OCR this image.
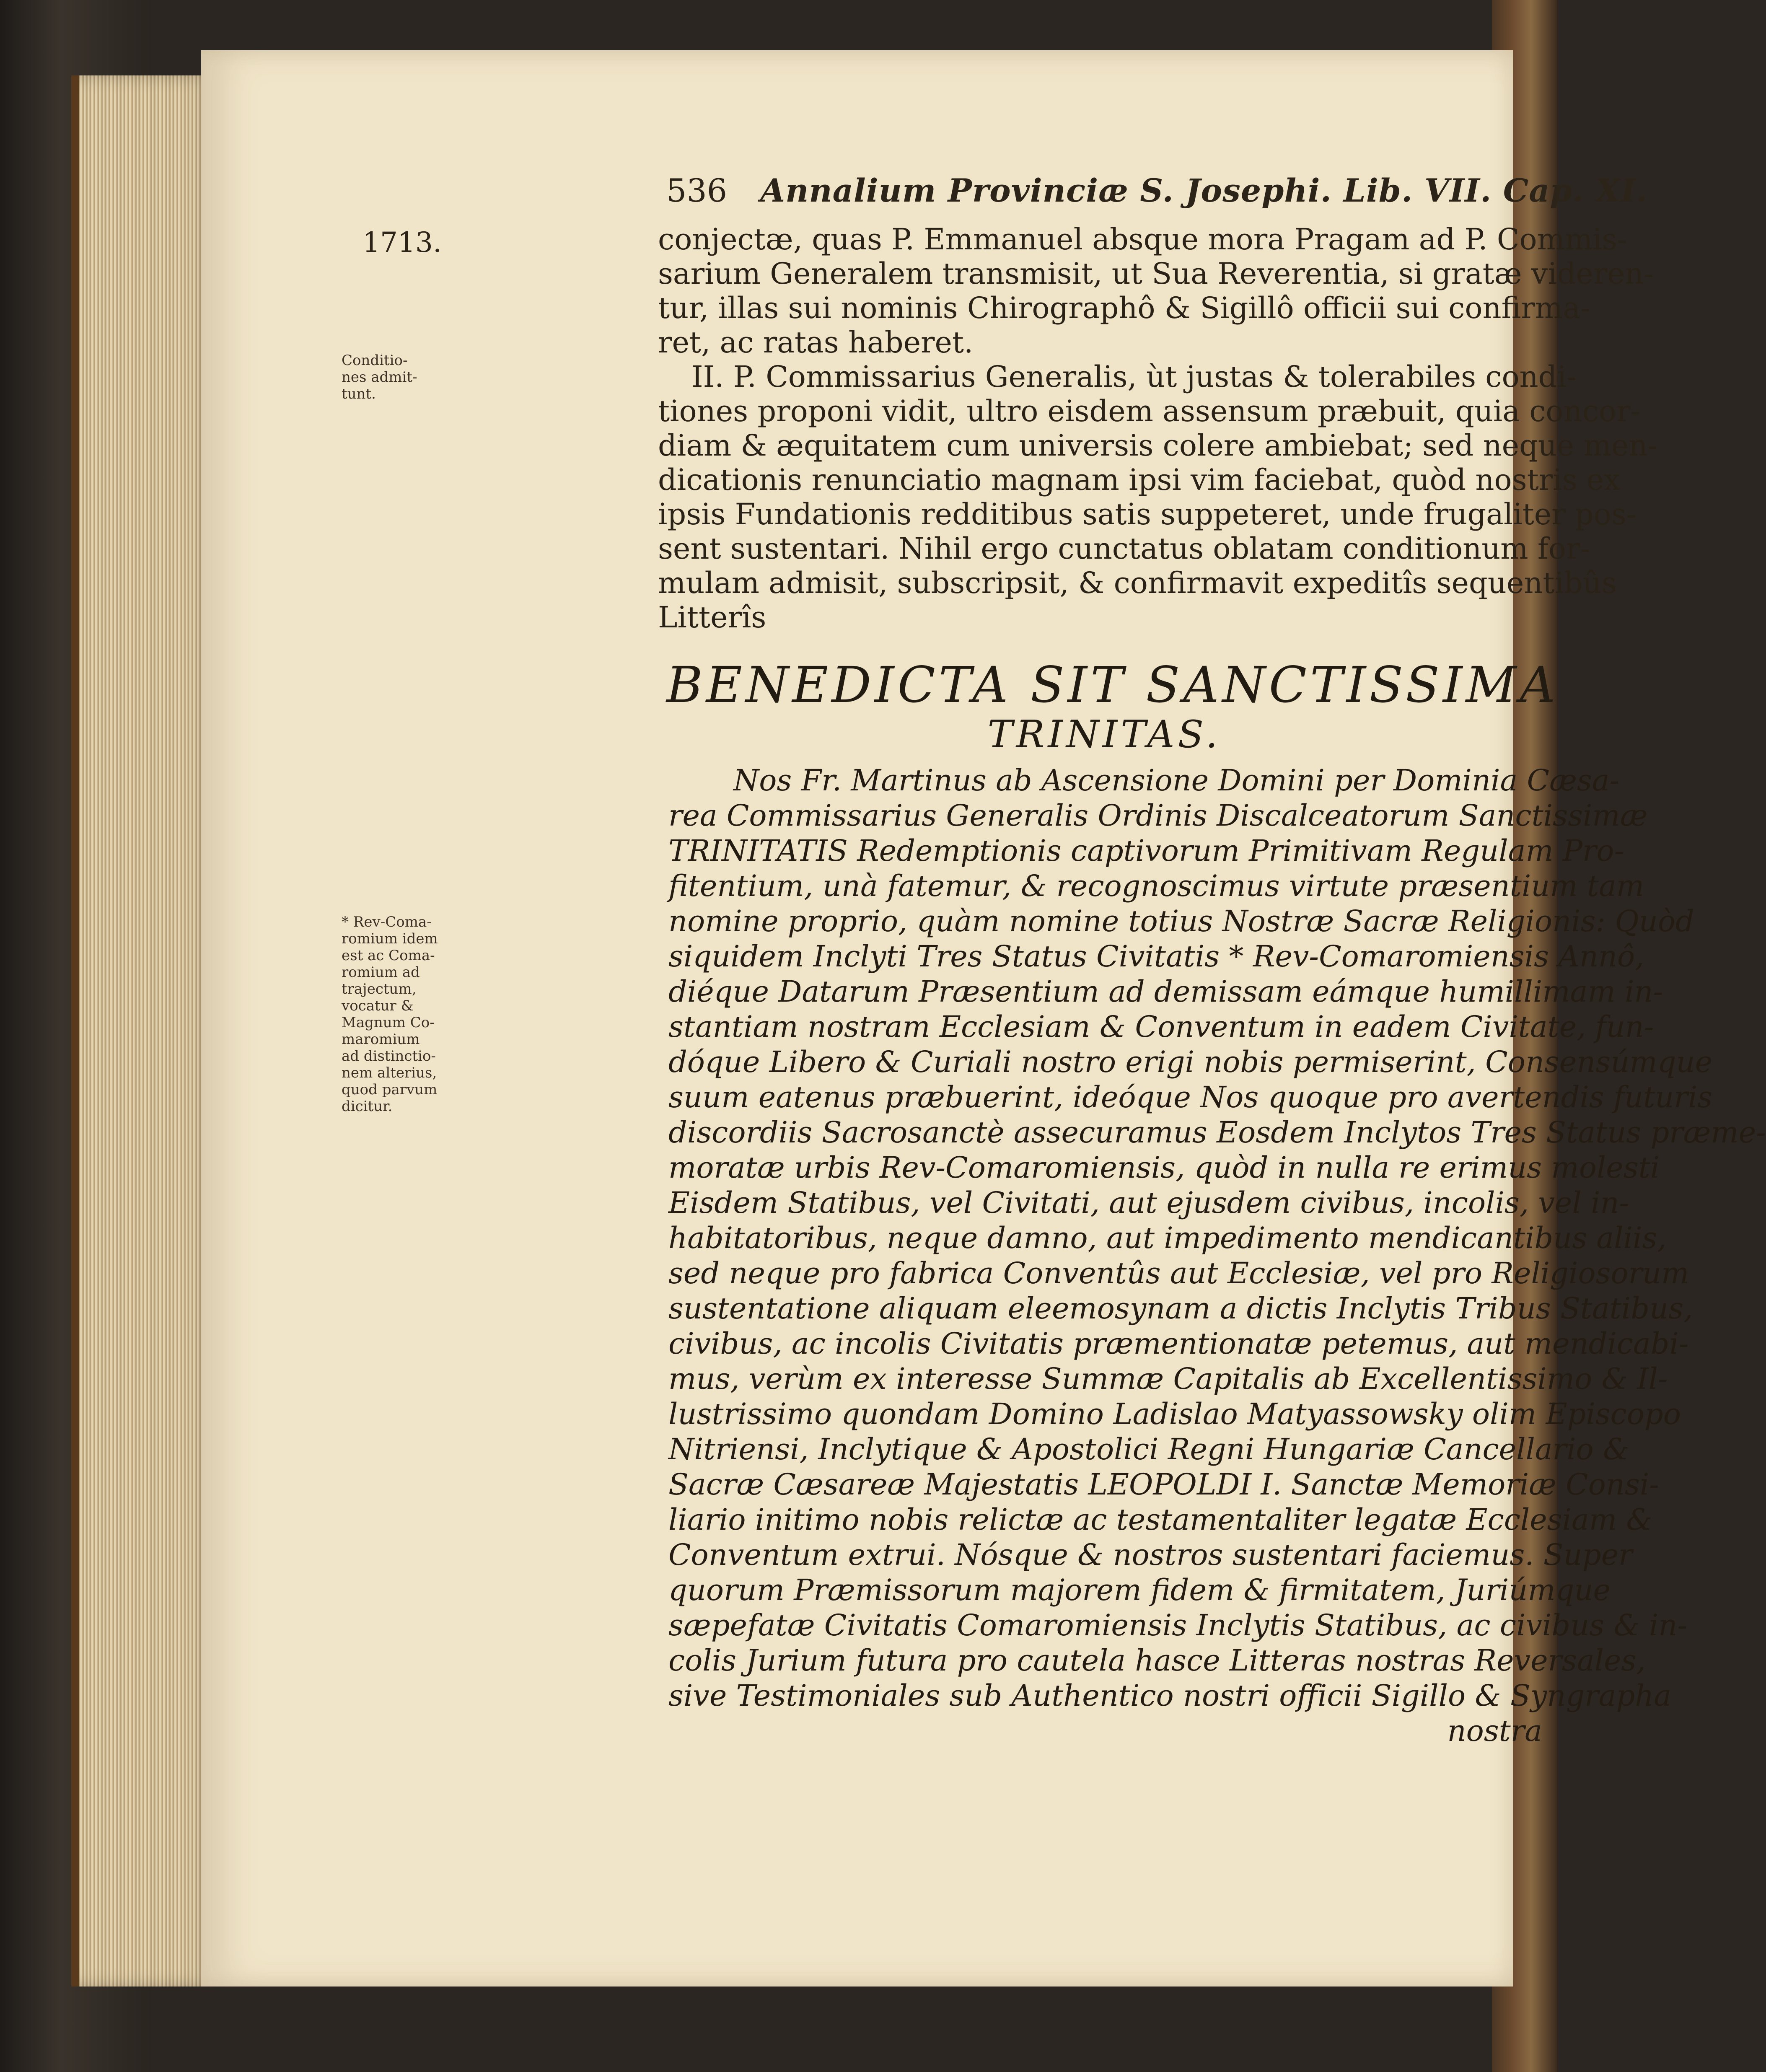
536 Annalium Provinciæ S. Josephi. Lib. VII. Cap. XI.
1713.
Conditio-
nes admit-
tunt.
* Rev-Coma-
romium idem
est ac Coma-
romium ad
trajectum,
vocatur &
Magnum Co-
maromium
ad distinctio-
nem alterius,
quod parvum
dicitur.
conjectæ, quas P. Emmanuel absque mora Pragam ad P. Commis-
sarium Generalem transmisit, ut Sua Reverentia, si gratæ videren-
tur, illas sui nominis Chirographô & Sigillô officii sui confirma-
ret, ac ratas haberet.
II. P. Commissarius Generalis, ùt justas & tolerabiles condi-
tiones proponi vidit, ultro eisdem assensum præbuit, quia concor-
diam & æquitatem cum universis colere ambiebat; sed neque men-
dicationis renunciatio magnam ipsi vim faciebat, quòd nostris ex
ipsis Fundationis redditibus satis suppeteret, unde frugaliter pos-
sent sustentari. Nihil ergo cunctatus oblatam conditionum for-
mulam admisit, subscripsit, & confirmavit expeditîs sequentibûs
Litterîs
BENEDICTA SIT SANCTISSIMA
TRINITAS.
Nos Fr. Martinus ab Ascensione Domini per Dominia Cæsa-
rea Commissarius Generalis Ordinis Discalceatorum Sanctissimæ
TRINITATIS Redemptionis captivorum Primitivam Regulam Pro-
fitentium, unà fatemur, & recognoscimus virtute præsentium tam
nomine proprio, quàm nomine totius Nostræ Sacræ Religionis: Quòd
siquidem Inclyti Tres Status Civitatis * Rev-Comaromiensis Annô,
diéque Datarum Præsentium ad demissam eámque humillimam in-
stantiam nostram Ecclesiam & Conventum in eadem Civitate, fun-
dóque Libero & Curiali nostro erigi nobis permiserint, Consensúmque
suum eatenus præbuerint, ideóque Nos quoque pro avertendis futuris
discordiis Sacrosanctè assecuramus Eosdem Inclytos Tres Status præme-
moratæ urbis Rev-Comaromiensis, quòd in nulla re erimus molesti
Eisdem Statibus, vel Civitati, aut ejusdem civibus, incolis, vel in-
habitatoribus, neque damno, aut impedimento mendicantibus aliis,
sed neque pro fabrica Conventûs aut Ecclesiæ, vel pro Religiosorum
sustentatione aliquam eleemosynam a dictis Inclytis Tribus Statibus,
civibus, ac incolis Civitatis præmentionatæ petemus, aut mendicabi-
mus, verùm ex interesse Summæ Capitalis ab Excellentissimo & Il-
lustrissimo quondam Domino Ladislao Matyassowsky olim Episcopo
Nitriensi, Inclytique & Apostolici Regni Hungariæ Cancellario &
Sacræ Cæsareæ Majestatis LEOPOLDI I. Sanctæ Memoriæ Consi-
liario initimo nobis relictæ ac testamentaliter legatæ Ecclesiam &
Conventum extrui. Nósque & nostros sustentari faciemus. Super
quorum Præmissorum majorem fidem & firmitatem, Juriúmque
sæpefatæ Civitatis Comaromiensis Inclytis Statibus, ac civibus & in-
colis Jurium futura pro cautela hasce Litteras nostras Reversales,
sive Testimoniales sub Authentico nostri officii Sigillo & Syngrapha
nostra
